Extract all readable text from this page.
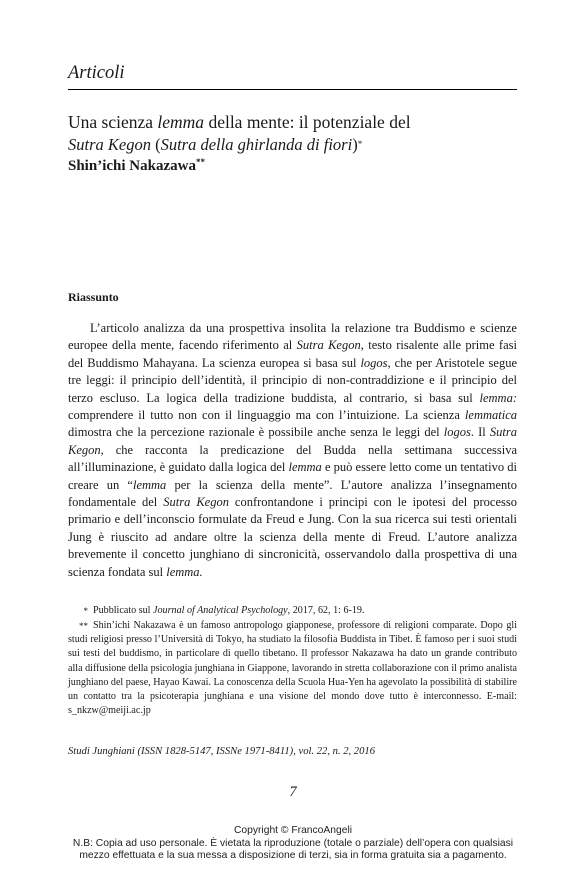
Articoli
Una scienza lemma della mente: il potenziale del
Sutra Kegon (Sutra della ghirlanda di fiori)*
Shin’ichi Nakazawa**
Riassunto

L’articolo analizza da una prospettiva insolita la relazione tra Buddismo e scienze europee della mente, facendo riferimento al Sutra Kegon, testo risalente alle prime fasi del Buddismo Mahayana. La scienza europea si basa sul logos, che per Aristotele segue tre leggi: il principio dell’identità, il principio di non-contraddizione e il principio del terzo escluso. La logica della tradizione buddista, al contrario, si basa sul lemma: comprendere il tutto non con il linguaggio ma con l’intuizione. La scienza lemmatica dimostra che la percezione razionale è possibile anche senza le leggi del logos. Il Sutra Kegon, che racconta la predicazione del Budda nella settimana successiva all’illuminazione, è guidato dalla logica del lemma e può essere letto come un tentativo di creare un “lemma per la scienza della mente”. L’autore analizza l’insegnamento fondamentale del Sutra Kegon confrontandone i principi con le ipotesi del processo primario e dell’inconscio formulate da Freud e Jung. Con la sua ricerca sui testi orientali Jung è riuscito ad andare oltre la scienza della mente di Freud. L’autore analizza brevemente il concetto junghiano di sincronicità, osservandolo dalla prospettiva di una scienza fondata sul lemma.

* Pubblicato sul Journal of Analytical Psychology, 2017, 62, 1: 6-19.

** Shin’ichi Nakazawa è un famoso antropologo giapponese, professore di religioni comparate. Dopo gli studi religiosi presso l’Università di Tokyo, ha studiato la filosofia Buddista in Tibet. È famoso per i suoi studi sui testi del buddismo, in particolare di quello tibetano. Il professor Nakazawa ha dato un grande contributo alla diffusione della psicologia junghiana in Giappone, lavorando in stretta collaborazione con il primo analista junghiano del paese, Hayao Kawai. La conoscenza della Scuola Hua-Yen ha agevolato la possibilità di stabilire un contatto tra la psicoterapia junghiana e una visione del mondo dove tutto è interconnesso. E-mail: s_nkzw@meiji.ac.jp

Studi Junghiani (ISSN 1828-5147, ISSNe 1971-8411), vol. 22, n. 2, 2016
7
Copyright © FrancoAngeli
N.B: Copia ad uso personale. È vietata la riproduzione (totale o parziale) dell’opera con qualsiasi
mezzo effettuata e la sua messa a disposizione di terzi, sia in forma gratuita sia a pagamento.
